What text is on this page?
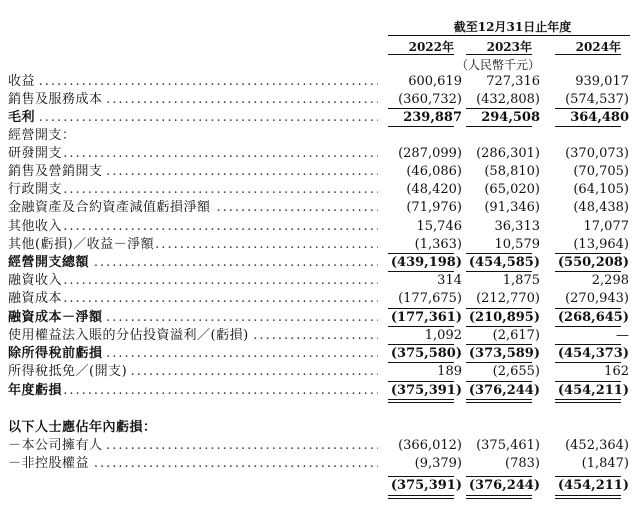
截至12月31日止年度
2022年	2023年	2024年
（人民幣千元）
收益 .....	600,619	727,316	939,017
銷售及服務成本 .....	(360,732)	(432,808)	(574,537)
毛利 .....	239,887	294,508	364,480
經營開支：
研發開支 .....	(287,099)	(286,301)	(370,073)
銷售及營銷開支 .....	(46,086)	(58,810)	(70,705)
行政開支 .....	(48,420)	(65,020)	(64,105)
金融資產及合約資產減值虧損淨額 .....	(71,976)	(91,346)	(48,438)
其他收入 .....	15,746	36,313	17,077
其他(虧損)／收益－淨額 .....	(1,363)	10,579	(13,964)
經營開支總額 .....	(439,198) (454,585)	(550,208)
融資收入 .....	314	1,875	2,298
融資成本 .....	(177,675)	(212,770)	(270,943)
融資成本－淨額 .....	(177,361) (210,895)	(268,645)
使用權益法入賬的分佔投資溢利／(虧損) .....	1,092	(2,617)	—
除所得稅前虧損 .....	(375,580) (373,589)	(454,373)
所得稅抵免／(開支) .....	189	(2,655)	162
年度虧損 .....	(375,391) (376,244)	(454,211)
以下人士應佔年內虧損：
－本公司擁有人 .....	(366,012)	(375,461)	(452,364)
－非控股權益 .....	(9,379)	(783)	(1,847)
(375,391) (376,244)	(454,211)
